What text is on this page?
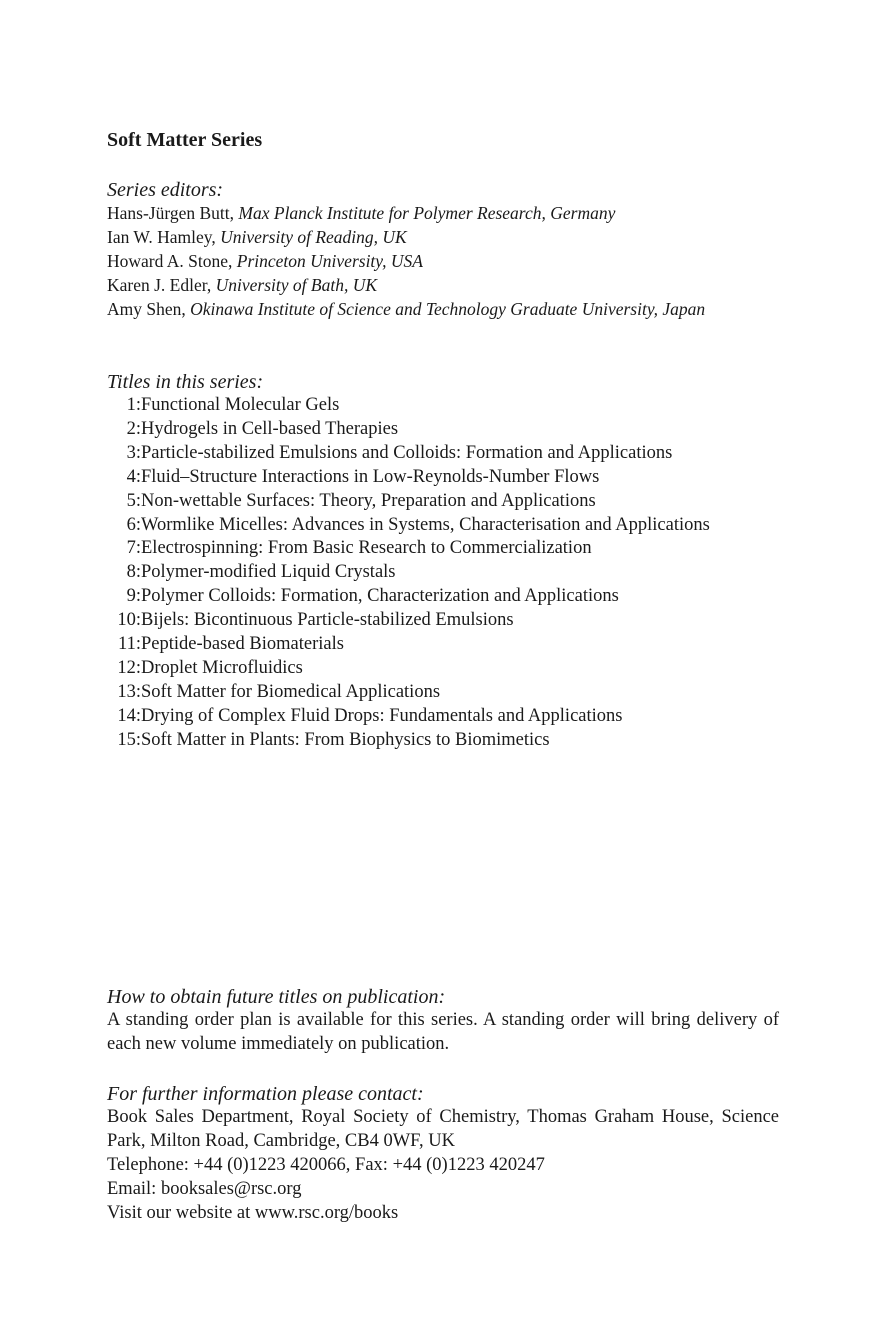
Soft Matter Series
Series editors:
Hans-Jürgen Butt, Max Planck Institute for Polymer Research, Germany
Ian W. Hamley, University of Reading, UK
Howard A. Stone, Princeton University, USA
Karen J. Edler, University of Bath, UK
Amy Shen, Okinawa Institute of Science and Technology Graduate University, Japan
Titles in this series:
1: Functional Molecular Gels
2: Hydrogels in Cell-based Therapies
3: Particle-stabilized Emulsions and Colloids: Formation and Applications
4: Fluid–Structure Interactions in Low-Reynolds-Number Flows
5: Non-wettable Surfaces: Theory, Preparation and Applications
6: Wormlike Micelles: Advances in Systems, Characterisation and Applications
7: Electrospinning: From Basic Research to Commercialization
8: Polymer-modified Liquid Crystals
9: Polymer Colloids: Formation, Characterization and Applications
10: Bijels: Bicontinuous Particle-stabilized Emulsions
11: Peptide-based Biomaterials
12: Droplet Microfluidics
13: Soft Matter for Biomedical Applications
14: Drying of Complex Fluid Drops: Fundamentals and Applications
15: Soft Matter in Plants: From Biophysics to Biomimetics
How to obtain future titles on publication:
A standing order plan is available for this series. A standing order will bring delivery of each new volume immediately on publication.
For further information please contact:
Book Sales Department, Royal Society of Chemistry, Thomas Graham House, Science Park, Milton Road, Cambridge, CB4 0WF, UK
Telephone: +44 (0)1223 420066, Fax: +44 (0)1223 420247
Email: booksales@rsc.org
Visit our website at www.rsc.org/books
